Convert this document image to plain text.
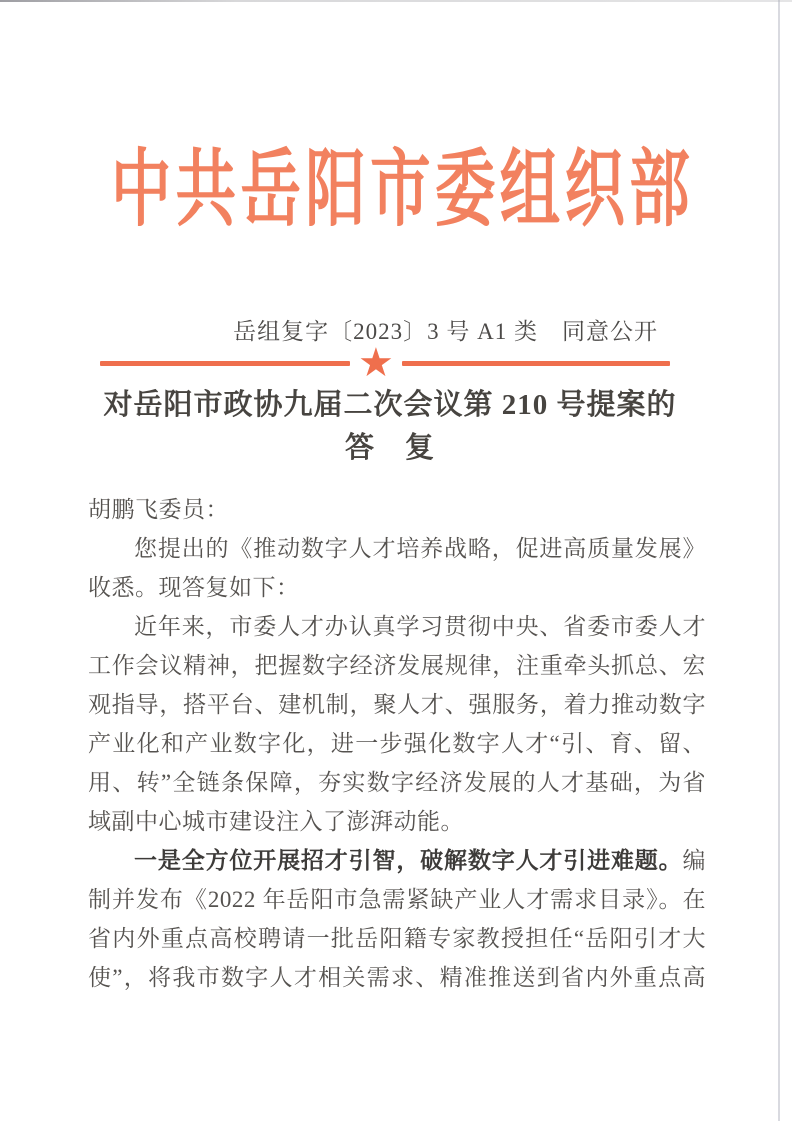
中共岳阳市委组织部
岳组复字〔2023〕3 号 A1 类　同意公开
★
对岳阳市政协九届二次会议第 210 号提案的
答　复
胡鹏飞委员：
您提出的《推动数字人才培养战略，促进高质量发展》
收悉。现答复如下：
近年来，市委人才办认真学习贯彻中央、省委市委人才
工作会议精神，把握数字经济发展规律，注重牵头抓总、宏
观指导，搭平台、建机制，聚人才、强服务，着力推动数字
产业化和产业数字化，进一步强化数字人才“引、育、留、
用、转”全链条保障，夯实数字经济发展的人才基础，为省
域副中心城市建设注入了澎湃动能。
一是全方位开展招才引智，破解数字人才引进难题。编
制并发布《2022 年岳阳市急需紧缺产业人才需求目录》。在
省内外重点高校聘请一批岳阳籍专家教授担任“岳阳引才大
使”，将我市数字人才相关需求、精准推送到省内外重点高
